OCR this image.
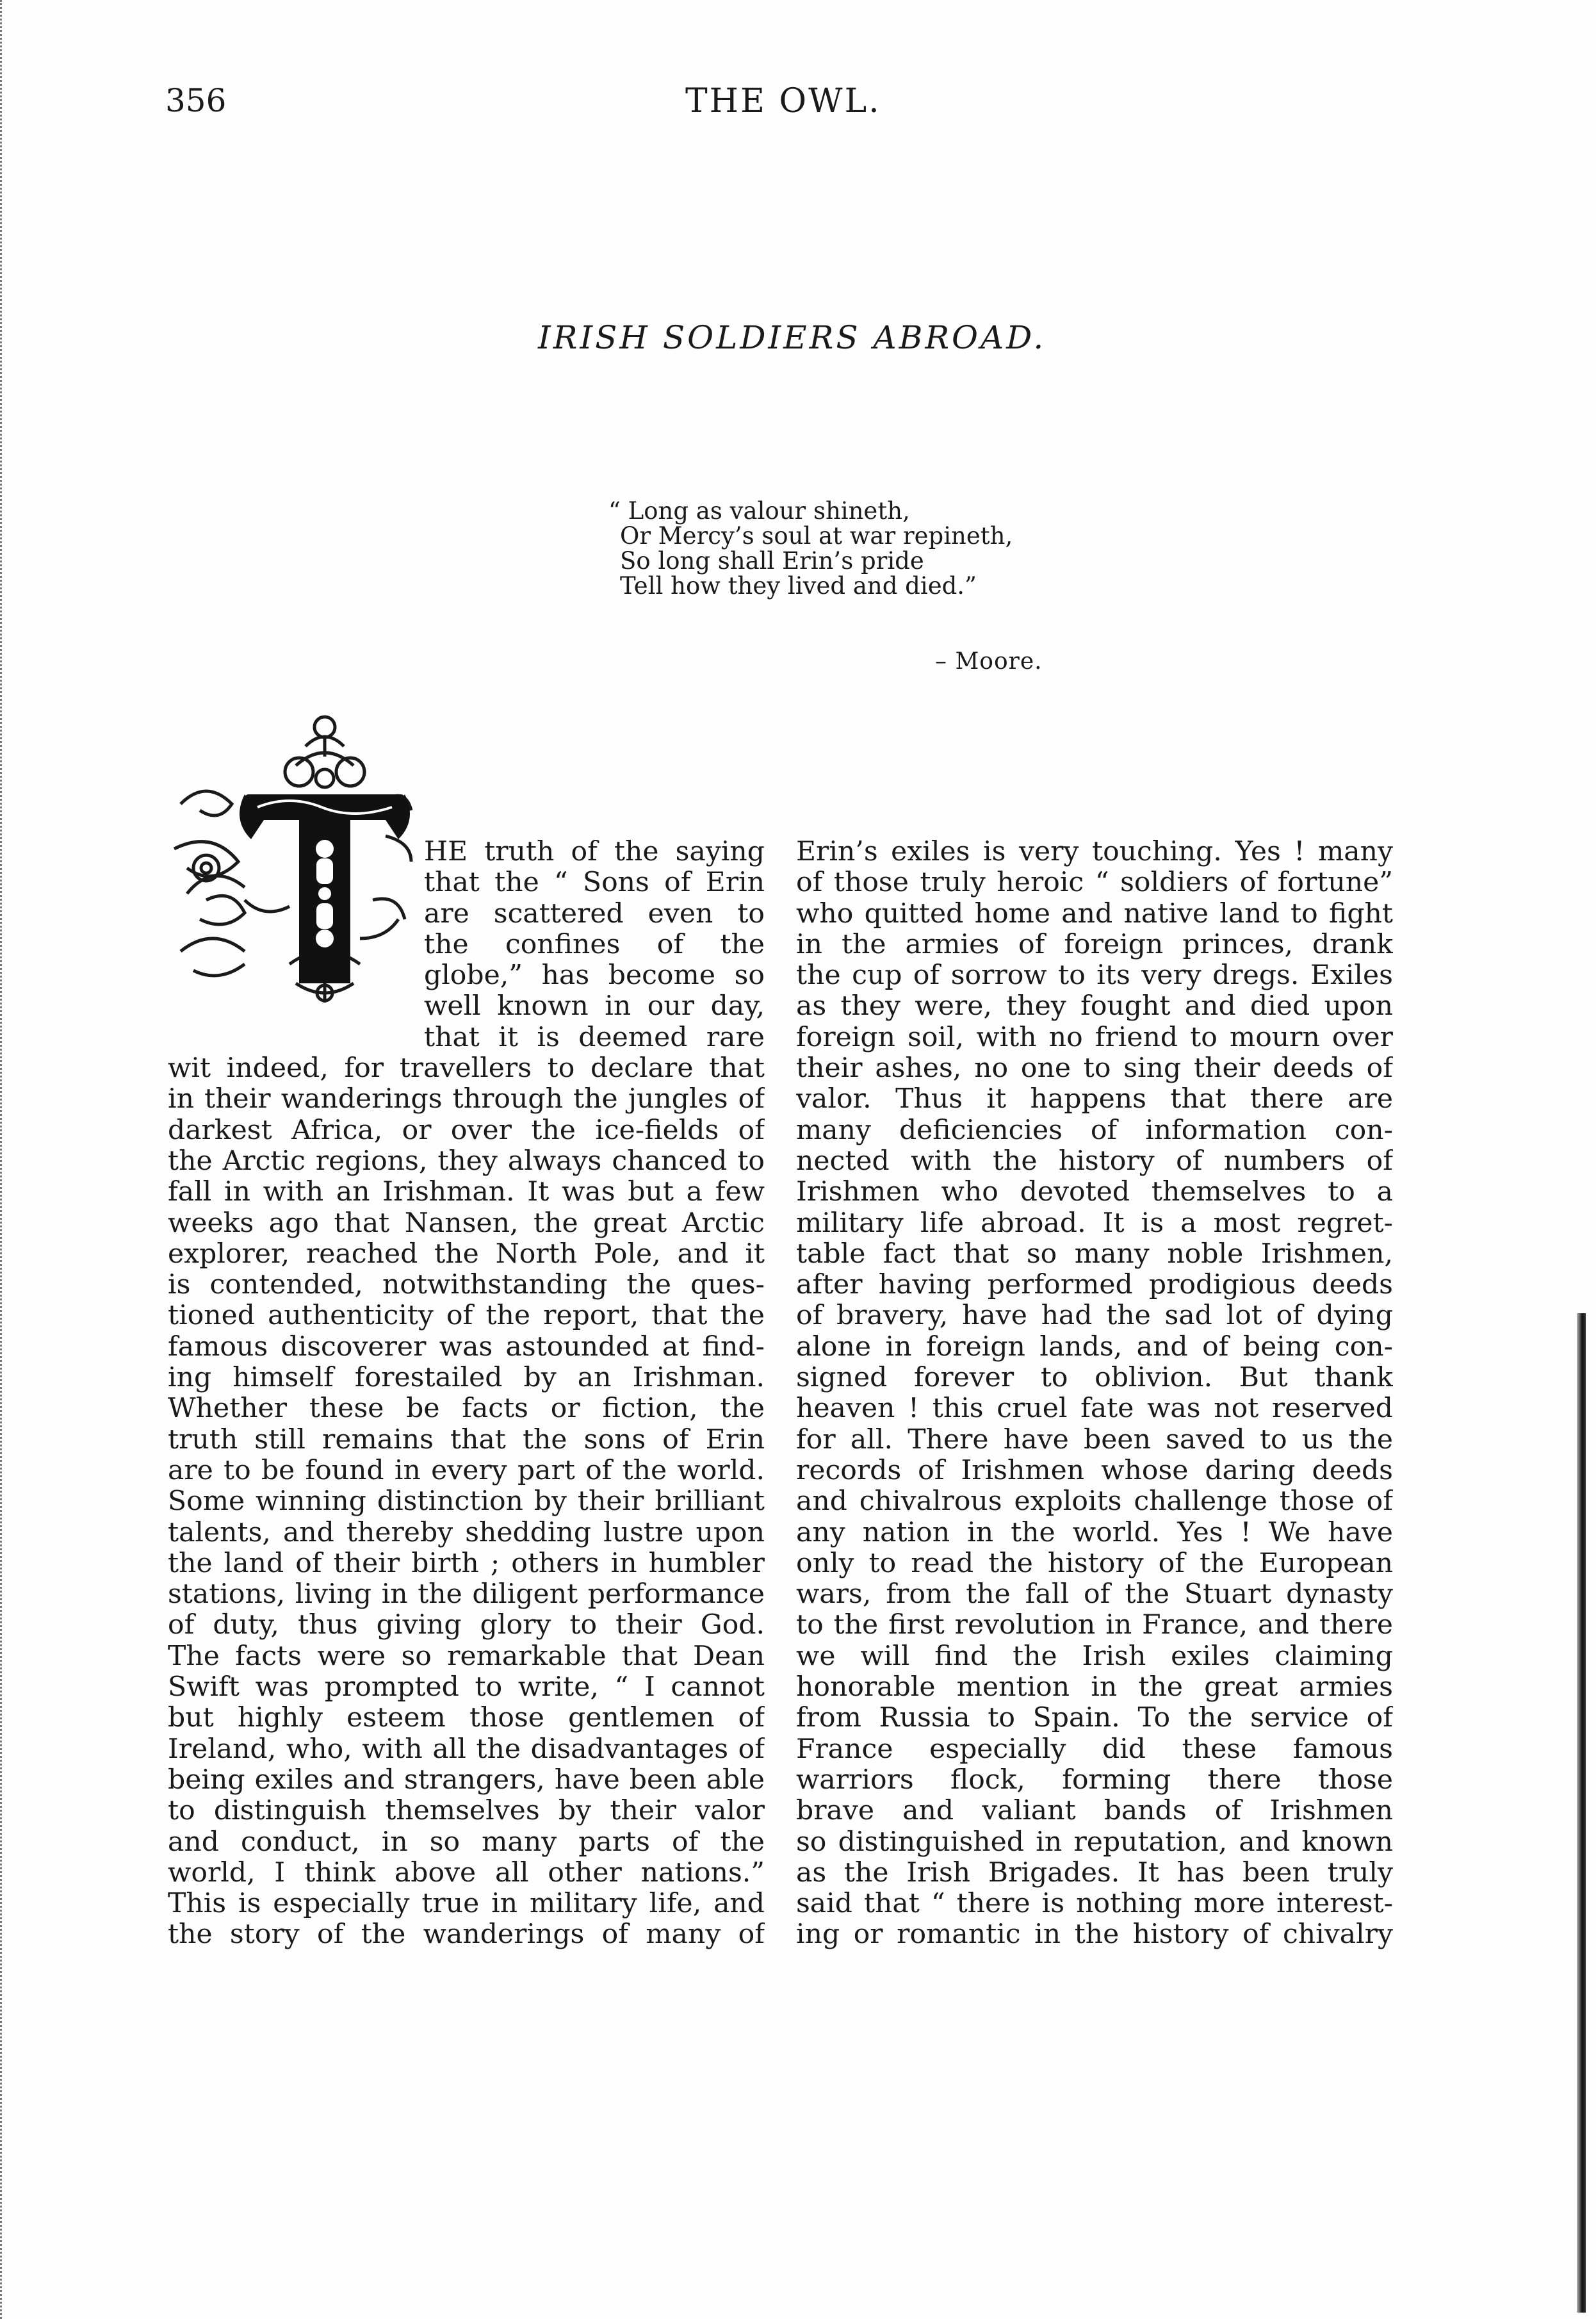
356	THE OWL.
IRISH SOLDIERS ABROAD.
“ Long as valour shineth,
Or Mercy’s soul at war repineth,
So long shall Erin’s pride
Tell how they lived and died.”
– Moore.
HE truth of the saying
that the “ Sons of Erin
are scattered even to
the confines of the
globe,” has become so
well known in our day,
that it is deemed rare
wit indeed, for travellers to declare that
in their wanderings through the jungles of
darkest Africa, or over the ice-fields of
the Arctic regions, they always chanced to
fall in with an Irishman. It was but a few
weeks ago that Nansen, the great Arctic
explorer, reached the North Pole, and it
is contended, notwithstanding the ques-
tioned authenticity of the report, that the
famous discoverer was astounded at find-
ing himself forestailed by an Irishman.
Whether these be facts or fiction, the
truth still remains that the sons of Erin
are to be found in every part of the world.
Some winning distinction by their brilliant
talents, and thereby shedding lustre upon
the land of their birth ; others in humbler
stations, living in the diligent performance
of duty, thus giving glory to their God.
The facts were so remarkable that Dean
Swift was prompted to write, “ I cannot
but highly esteem those gentlemen of
Ireland, who, with all the disadvantages of
being exiles and strangers, have been able
to distinguish themselves by their valor
and conduct, in so many parts of the
world, I think above all other nations.”
This is especially true in military life, and
the story of the wanderings of many of
Erin’s exiles is very touching. Yes ! many
of those truly heroic “ soldiers of fortune”
who quitted home and native land to fight
in the armies of foreign princes, drank
the cup of sorrow to its very dregs. Exiles
as they were, they fought and died upon
foreign soil, with no friend to mourn over
their ashes, no one to sing their deeds of
valor. Thus it happens that there are
many deficiencies of information con-
nected with the history of numbers of
Irishmen who devoted themselves to a
military life abroad. It is a most regret-
table fact that so many noble Irishmen,
after having performed prodigious deeds
of bravery, have had the sad lot of dying
alone in foreign lands, and of being con-
signed forever to oblivion. But thank
heaven ! this cruel fate was not reserved
for all. There have been saved to us the
records of Irishmen whose daring deeds
and chivalrous exploits challenge those of
any nation in the world. Yes ! We have
only to read the history of the European
wars, from the fall of the Stuart dynasty
to the first revolution in France, and there
we will find the Irish exiles claiming
honorable mention in the great armies
from Russia to Spain. To the service of
France especially did these famous
warriors flock, forming there those
brave and valiant bands of Irishmen
so distinguished in reputation, and known
as the Irish Brigades. It has been truly
said that “ there is nothing more interest-
ing or romantic in the history of chivalry
